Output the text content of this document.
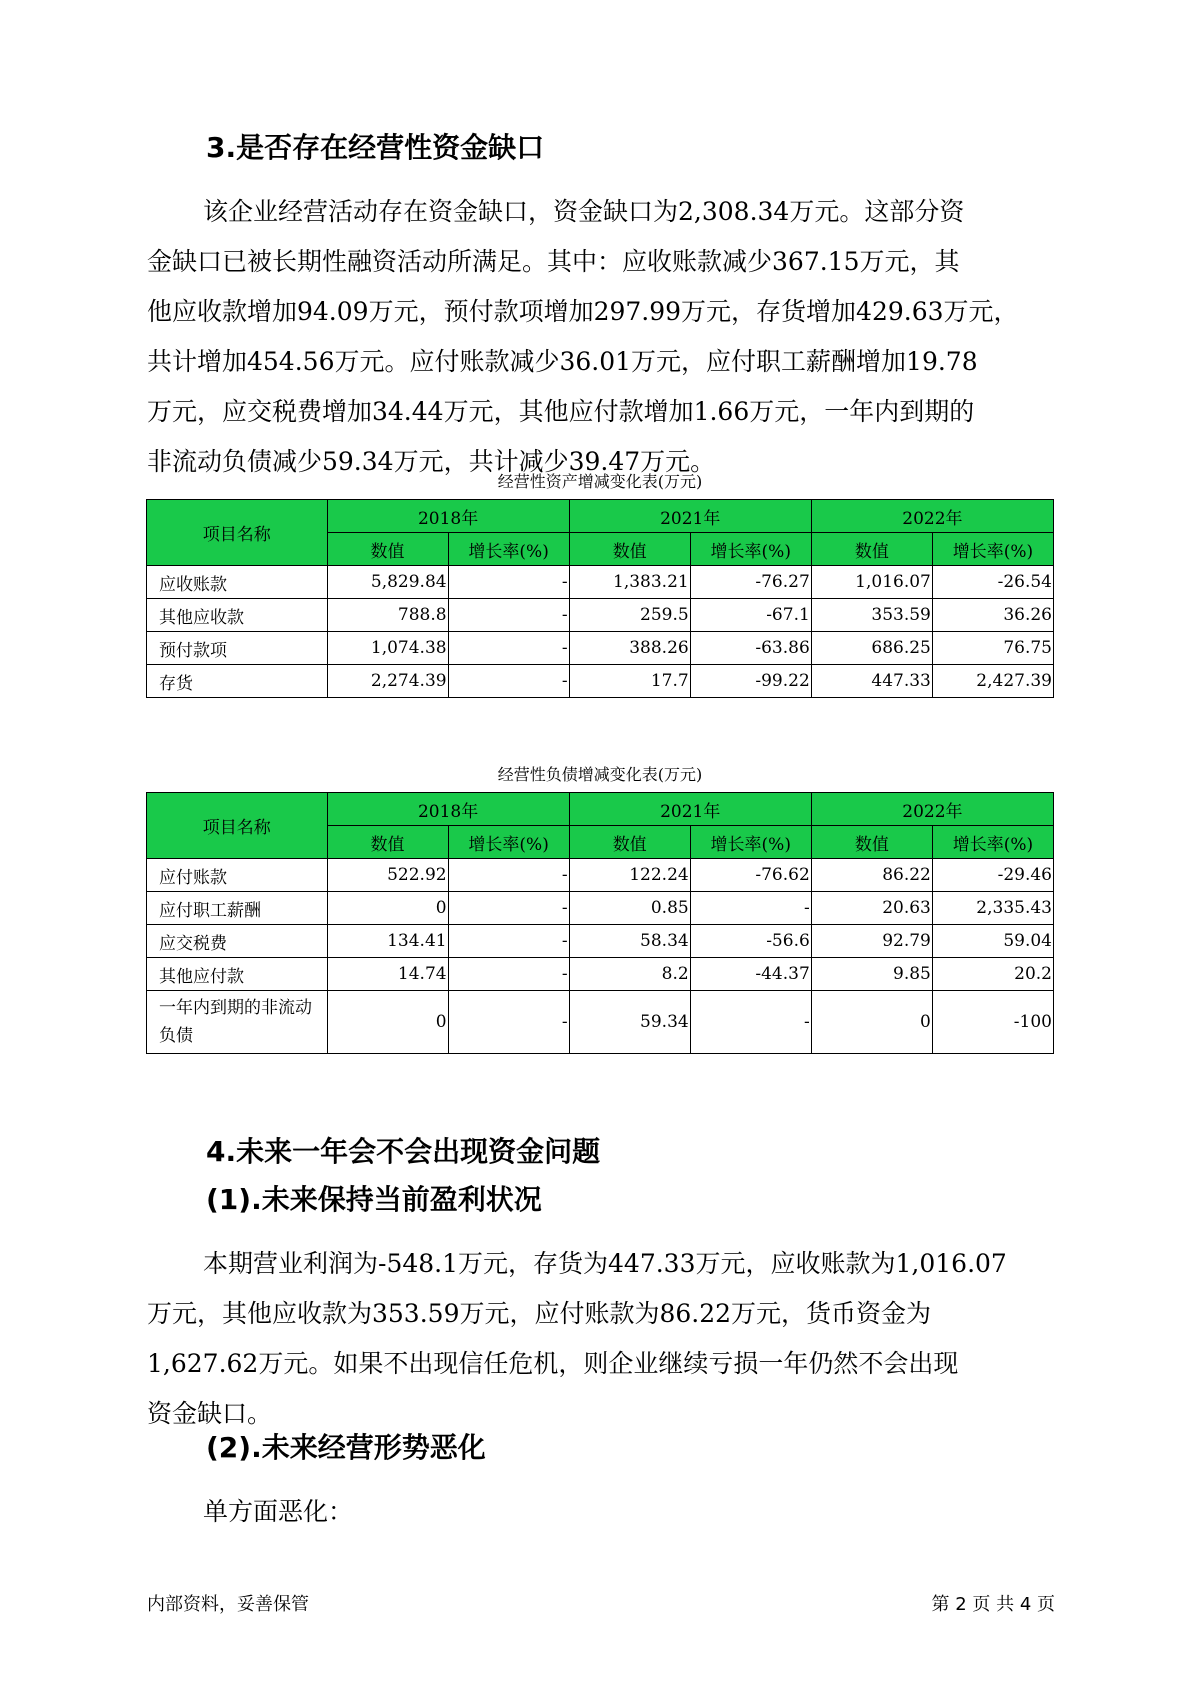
3.是否存在经营性资金缺口
该企业经营活动存在资金缺口，资金缺口为2,308.34万元。这部分资
金缺口已被长期性融资活动所满足。其中：应收账款减少367.15万元，其
他应收款增加94.09万元，预付款项增加297.99万元，存货增加429.63万元，
共计增加454.56万元。应付账款减少36.01万元，应付职工薪酬增加19.78
万元，应交税费增加34.44万元，其他应付款增加1.66万元，一年内到期的
非流动负债减少59.34万元，共计减少39.47万元。
经营性资产增减变化表(万元)
项目名称	2018年		2021年		2022年	
	数值	增长率(%)	数值	增长率(%)	数值	增长率(%)
应收账款	5,829.84	-	1,383.21	-76.27	1,016.07	-26.54
其他应收款	788.8	-	259.5	-67.1	353.59	36.26
预付款项	1,074.38	-	388.26	-63.86	686.25	76.75
存货	2,274.39	-	17.7	-99.22	447.33	2,427.39
经营性负债增减变化表(万元)
项目名称	2018年		2021年		2022年	
	数值	增长率(%)	数值	增长率(%)	数值	增长率(%)
应付账款	522.92	-	122.24	-76.62	86.22	-29.46
应付职工薪酬	0	-	0.85	-	20.63	2,335.43
应交税费	134.41	-	58.34	-56.6	92.79	59.04
其他应付款	14.74	-	8.2	-44.37	9.85	20.2
一年内到期的非流动负债	0	-	59.34	-	0	-100
4.未来一年会不会出现资金问题
(1).未来保持当前盈利状况
本期营业利润为-548.1万元，存货为447.33万元，应收账款为1,016.07
万元，其他应收款为353.59万元，应付账款为86.22万元，货币资金为
1,627.62万元。如果不出现信任危机，则企业继续亏损一年仍然不会出现
资金缺口。
(2).未来经营形势恶化
单方面恶化：
内部资料，妥善保管	第 2 页 共 4 页
